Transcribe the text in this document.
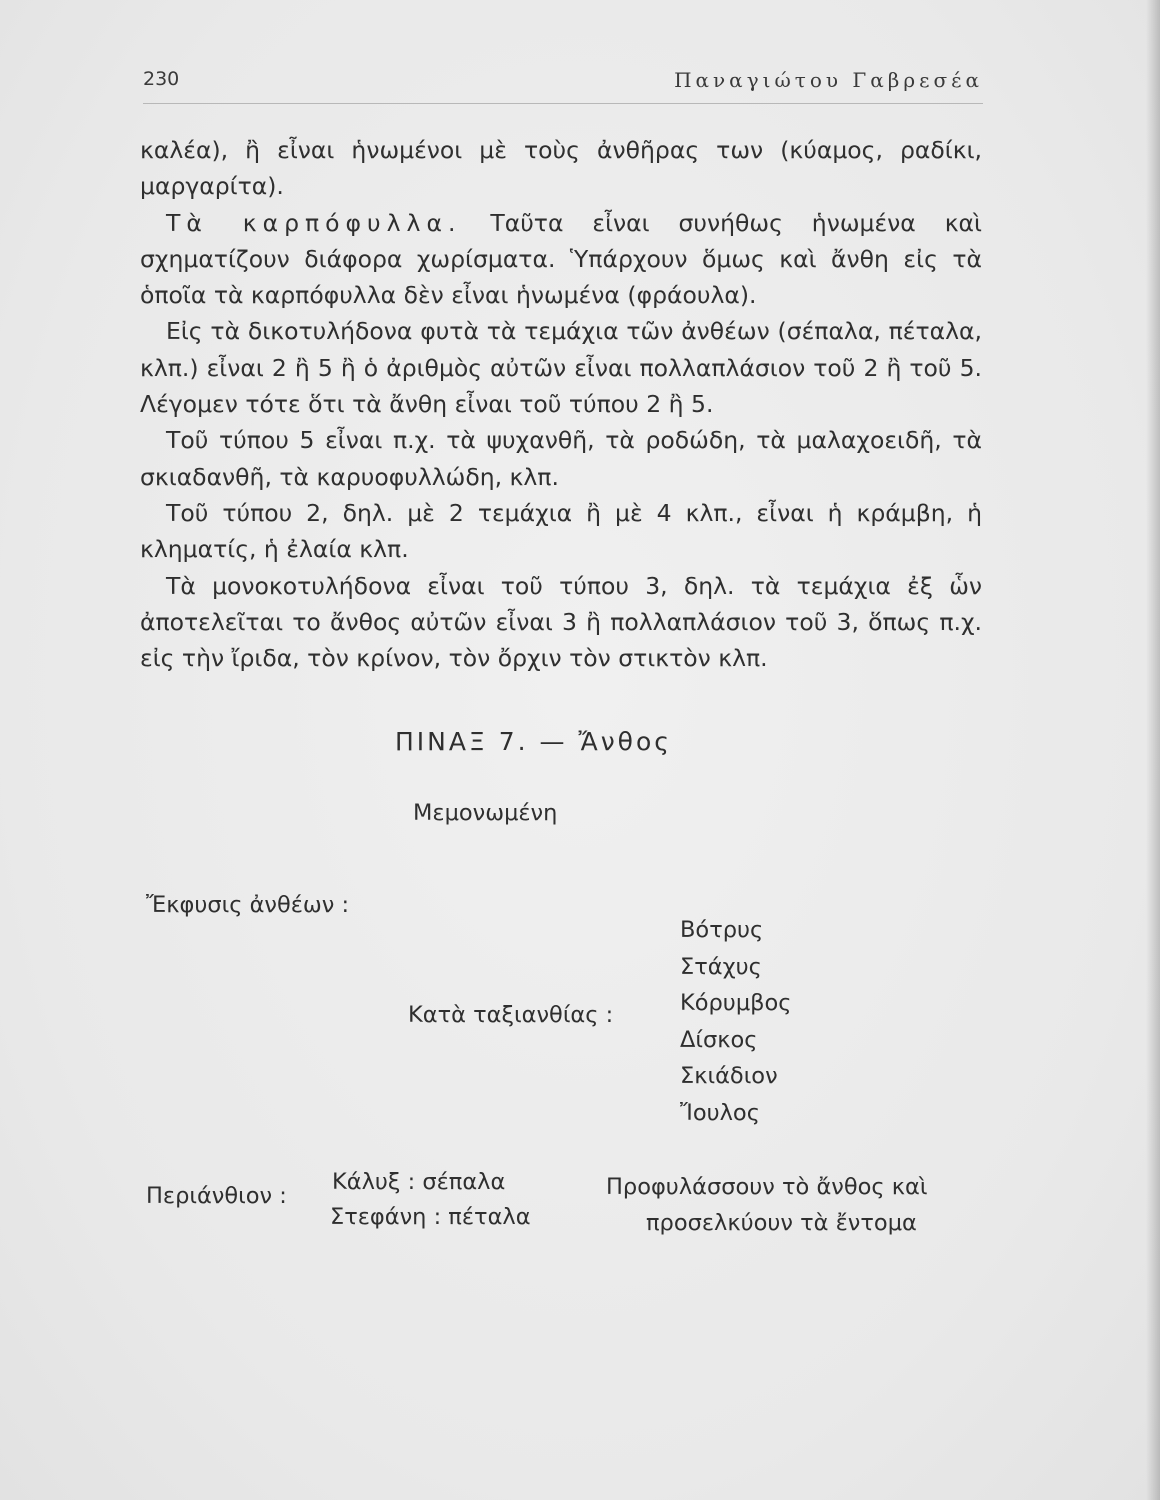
230	Παναγιώτου Γαβρεσέα

καλέα), ἢ εἶναι ἡνωμένοι μὲ τοὺς ἀνθῆρας των (κύαμος, ραδίκι, μαργαρίτα).

Τὰ καρπόφυλλα. Ταῦτα εἶναι συνήθως ἡνωμένα καὶ σχηματίζουν διάφορα χωρίσματα. Ὑπάρχουν ὅμως καὶ ἄνθη εἰς τὰ ὁποῖα τὰ καρπόφυλλα δὲν εἶναι ἡνωμένα (φράουλα).

Εἰς τὰ δικοτυλήδονα φυτὰ τὰ τεμάχια τῶν ἀνθέων (σέπαλα, πέταλα, κλπ.) εἶναι 2 ἢ 5 ἢ ὁ ἀριθμὸς αὐτῶν εἶναι πολλαπλάσιον τοῦ 2 ἢ τοῦ 5. Λέγομεν τότε ὅτι τὰ ἄνθη εἶναι τοῦ τύπου 2 ἢ 5.

Τοῦ τύπου 5 εἶναι π.χ. τὰ ψυχανθῆ, τὰ ροδώδη, τὰ μαλαχοειδῆ, τὰ σκιαδανθῆ, τὰ καρυοφυλλώδη, κλπ.

Τοῦ τύπου 2, δηλ. μὲ 2 τεμάχια ἢ μὲ 4 κλπ., εἶναι ἡ κράμβη, ἡ κληματίς, ἡ ἐλαία κλπ.

Τὰ μονοκοτυλήδονα εἶναι τοῦ τύπου 3, δηλ. τὰ τεμάχια ἐξ ὧν ἀποτελεῖται το ἄνθος αὐτῶν εἶναι 3 ἢ πολλαπλάσιον τοῦ 3, ὅπως π.χ. εἰς τὴν ἴριδα, τὸν κρίνον, τὸν ὄρχιν τὸν στικτὸν κλπ.

ΠΙΝΑΞ 7. — Ἄνθος
Μεμονωμένη
Ἔκφυσις ἀνθέων :
Κατὰ ταξιανθίας :
Βότρυς
Στάχυς
Κόρυμβος
Δίσκος
Σκιάδιον
Ἴουλος
Περιάνθιον :
Κάλυξ : σέπαλα
Στεφάνη : πέταλα
Προφυλάσσουν τὸ ἄνθος καὶ
προσελκύουν τὰ ἔντομα
